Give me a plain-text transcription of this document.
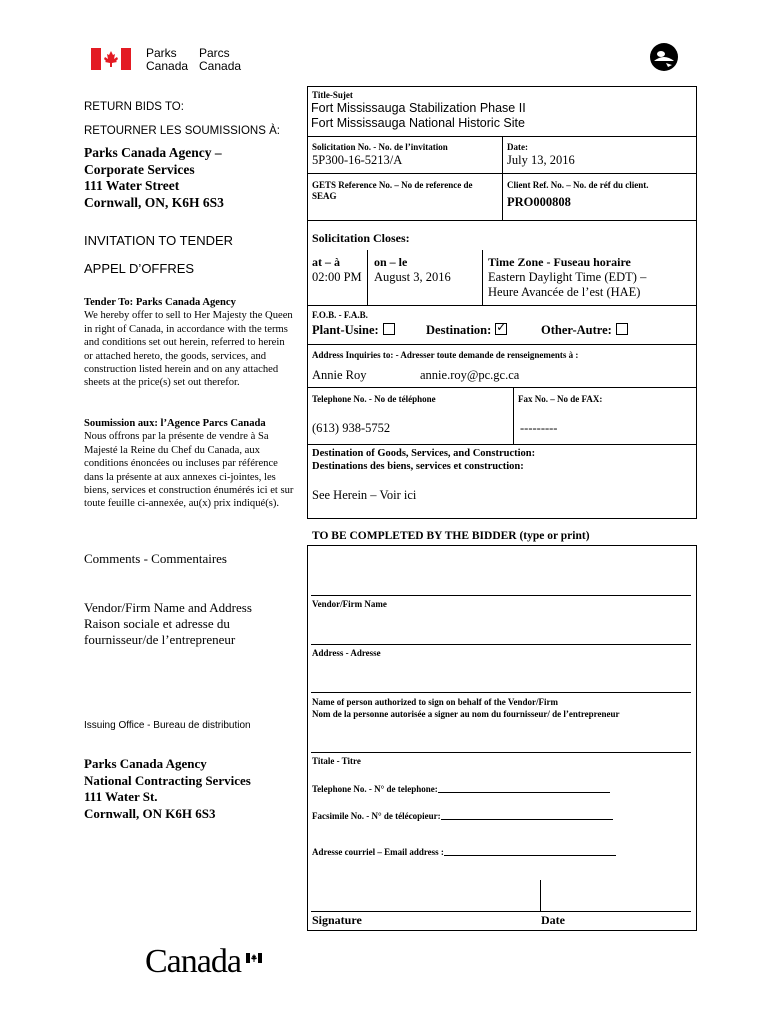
Parks
Canada
Parcs
Canada
RETURN BIDS TO:
RETOURNER LES SOUMISSIONS À:
Parks Canada Agency –
Corporate Services
111 Water Street
Cornwall, ON, K6H 6S3
INVITATION TO TENDER
APPEL D’OFFRES
Tender To: Parks Canada Agency
We hereby offer to sell to Her Majesty the Queen in right of Canada, in accordance with the terms and conditions set out herein, referred to herein or attached hereto, the goods, services, and construction listed herein and on any attached sheets at the price(s) set out therefor.
Soumission aux: l’Agence Parcs Canada
Nous offrons par la présente de vendre à Sa Majesté la Reine du Chef du Canada, aux conditions énoncées ou incluses par référence dans la présente at aux annexes ci-jointes, les biens, services et construction énumérés ici et sur toute feuille ci-annexée, au(x) prix indiqué(s).
Comments - Commentaires
Vendor/Firm Name and Address
Raison sociale et adresse du
fournisseur/de l’entrepreneur
Issuing Office - Bureau de distribution
Parks Canada Agency
National Contracting Services
111 Water St.
Cornwall, ON K6H 6S3
Title-Sujet
Fort Mississauga Stabilization Phase II
Fort Mississauga National Historic Site
Solicitation No. - No. de l’invitation
5P300-16-5213/A
Date:
July 13, 2016
GETS Reference No. – No de reference de SEAG
Client Ref. No. – No. de réf du client.
PRO000808
Solicitation Closes:
at – à
02:00 PM
on – le
August 3, 2016
Time Zone - Fuseau horaire
Eastern Daylight Time (EDT) –
Heure Avancée de l’est (HAE)
F.O.B. - F.A.B.
Plant-Usine:	Destination:✓	Other-Autre:
Address Inquiries to: - Adresser toute demande de renseignements à :
Annie Roy	annie.roy@pc.gc.ca
Telephone No. - No de téléphone	Fax No. – No de FAX:
(613) 938-5752	---------
Destination of Goods, Services, and Construction:
Destinations des biens, services et construction:
See Herein – Voir ici
TO BE COMPLETED BY THE BIDDER (type or print)
Vendor/Firm Name
Address - Adresse
Name of person authorized to sign on behalf of the Vendor/Firm
Nom de la personne autorisée a signer au nom du fournisseur/ de l’entrepreneur
Titale - Titre
Telephone No. - N° de telephone:
Facsimile No. - N° de télécopieur:
Adresse courriel – Email address :
Signature	Date
Canada
